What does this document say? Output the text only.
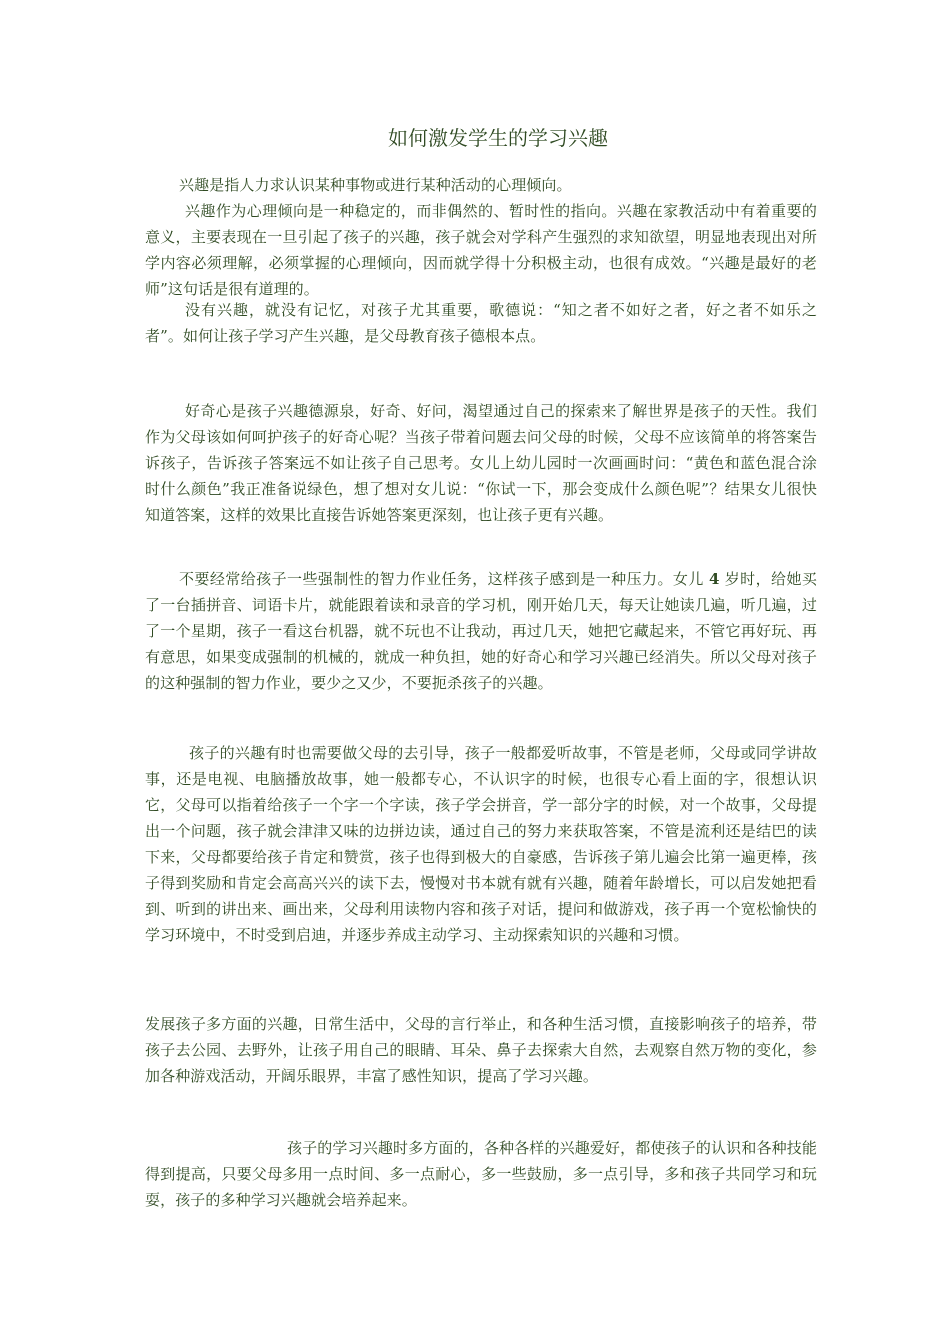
如何激发学生的学习兴趣

兴趣是指人力求认识某种事物或进行某种活动的心理倾向。

兴趣作为心理倾向是一种稳定的，而非偶然的、暂时性的指向。兴趣在家教活动中有着重要的意义，主要表现在一旦引起了孩子的兴趣，孩子就会对学科产生强烈的求知欲望，明显地表现出对所学内容必须理解，必须掌握的心理倾向，因而就学得十分积极主动，也很有成效。“兴趣是最好的老师”这句话是很有道理的。

没有兴趣，就没有记忆，对孩子尤其重要，歌德说：“知之者不如好之者，好之者不如乐之者”。如何让孩子学习产生兴趣，是父母教育孩子德根本点。

好奇心是孩子兴趣德源泉，好奇、好问，渴望通过自己的探索来了解世界是孩子的天性。我们作为父母该如何呵护孩子的好奇心呢？当孩子带着问题去问父母的时候，父母不应该简单的将答案告诉孩子，告诉孩子答案远不如让孩子自己思考。女儿上幼儿园时一次画画时问：“黄色和蓝色混合涂时什么颜色”我正准备说绿色，想了想对女儿说：“你试一下，那会变成什么颜色呢”？结果女儿很快知道答案，这样的效果比直接告诉她答案更深刻，也让孩子更有兴趣。

不要经常给孩子一些强制性的智力作业任务，这样孩子感到是一种压力。女儿 4 岁时，给她买了一台插拼音、词语卡片，就能跟着读和录音的学习机，刚开始几天，每天让她读几遍，听几遍，过了一个星期，孩子一看这台机器，就不玩也不让我动，再过几天，她把它藏起来，不管它再好玩、再有意思，如果变成强制的机械的，就成一种负担，她的好奇心和学习兴趣已经消失。所以父母对孩子的这种强制的智力作业，要少之又少，不要扼杀孩子的兴趣。

孩子的兴趣有时也需要做父母的去引导，孩子一般都爱听故事，不管是老师，父母或同学讲故事，还是电视、电脑播放故事，她一般都专心，不认识字的时候，也很专心看上面的字，很想认识它，父母可以指着给孩子一个字一个字读，孩子学会拼音，学一部分字的时候，对一个故事，父母提出一个问题，孩子就会津津又味的边拼边读，通过自己的努力来获取答案，不管是流利还是结巴的读下来，父母都要给孩子肯定和赞赏，孩子也得到极大的自豪感，告诉孩子第儿遍会比第一遍更棒，孩子得到奖励和肯定会高高兴兴的读下去，慢慢对书本就有就有兴趣，随着年龄增长，可以启发她把看到、听到的讲出来、画出来，父母利用读物内容和孩子对话，提问和做游戏，孩子再一个宽松愉快的学习环境中，不时受到启迪，并逐步养成主动学习、主动探索知识的兴趣和习惯。

发展孩子多方面的兴趣，日常生活中，父母的言行举止，和各种生活习惯，直接影响孩子的培养，带孩子去公园、去野外，让孩子用自己的眼睛、耳朵、鼻子去探索大自然，去观察自然万物的变化，参加各种游戏活动，开阔乐眼界，丰富了感性知识，提高了学习兴趣。

孩子的学习兴趣时多方面的，各种各样的兴趣爱好，都使孩子的认识和各种技能得到提高，只要父母多用一点时间、多一点耐心，多一些鼓励，多一点引导，多和孩子共同学习和玩耍，孩子的多种学习兴趣就会培养起来。
